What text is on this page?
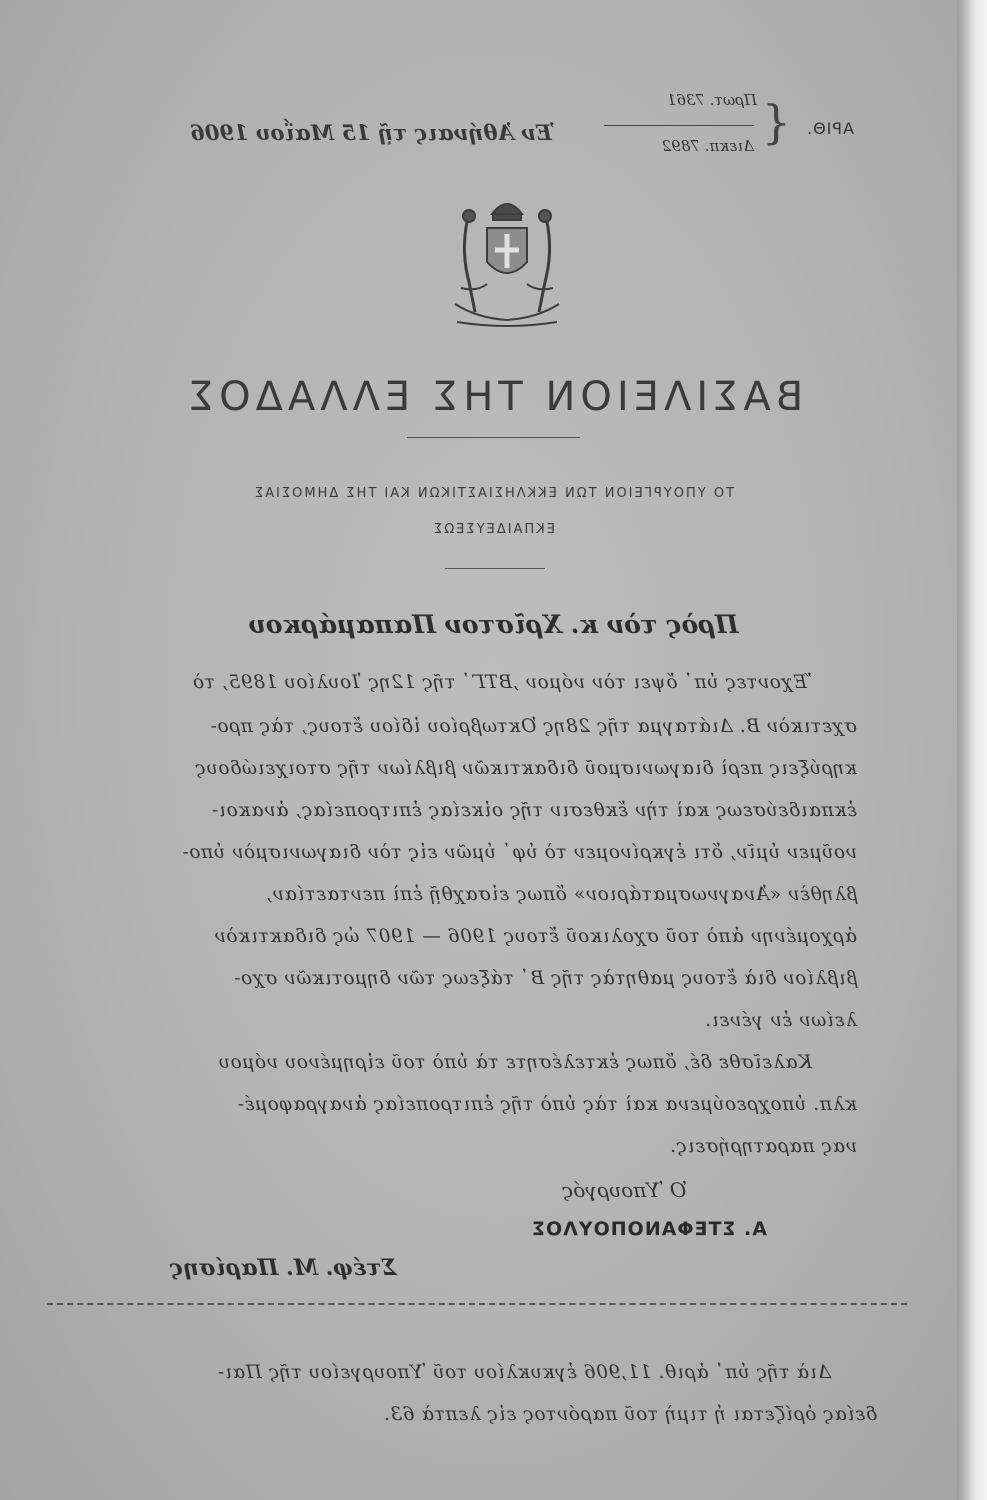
ΑΡΙΘ.
{
Πρωτ. 7361
Διεκπ. 7892
Ἐν Ἀθήναις τῇ 15 Μαΐου 1906
ΒΑΣΙΛΕΙΟΝ ΤΗΣ ΕΛΛΑΔΟΣ
ΤΟ ΥΠΟΥΡΓΕΙΟΝ ΤΩΝ ΕΚΚΛΗΣΙΑΣΤΙΚΩΝ ΚΑΙ ΤΗΣ ΔΗΜΟΣΙΑΣ
ΕΚΠΑΙΔΕΥΣΕΩΣ
Πρὸς τὸν κ. Χρῖστον Παπαμάρκου
Ἔχοντες ὑπ᾿ ὄψει τὸν νόμον ,ΒΤΓ᾿ τῆς 12ης Ἰουλίου 1895, τὸ
σχετικὸν Β. Διάταγμα τῆς 28ης Ὀκτωβρίου ἰδίου ἔτους, τὰς προ-
κηρύξεις περὶ διαγωνισμοῦ διδακτικῶν βιβλίων τῆς στοιχειώδους
ἐκπαιδεύσεως καὶ τὴν ἔκθεσιν τῆς οἰκείας ἐπιτροπείας, ἀνακοι-
νοῦμεν ὑμῖν, ὅτι ἐγκρίνομεν τὸ ὑφ᾿ ὑμῶν εἰς τὸν διαγωνισμὸν ὑπο-
βληθὲν «Ἀναγνωσματάριον» ὅπως εἰσαχθῇ ἐπὶ πενταετίαν,
ἀρχομένην ἀπὸ τοῦ σχολικοῦ ἔτους 1906 — 1907 ὡς διδακτικὸν
βιβλίον διὰ ἔτους μαθητὰς τῆς Β᾿ τάξεως τῶν δημοτικῶν σχο-
λείων ἐν γένει.
Καλεῖσθε δέ, ὅπως ἐκτελέσητε τὰ ὑπὸ τοῦ εἰρημένου νόμου
κλπ. ὑποχρεούμενα καὶ τὰς ὑπὸ τῆς ἐπιτροπείας ἀναγραφομέ-
νας παρατηρήσεις.
Ὁ Ὑπουργός
Α. ΣΤΕΦΑΝΟΠΟΥΛΟΣ
Στέφ. Μ. Παρίσης
Διὰ τῆς ὑπ᾿ ἀριθ. 11,906 ἐγκυκλίου τοῦ Ὑπουργείου τῆς Παι-
δείας ὁρίζεται ἡ τιμὴ τοῦ παρόντος εἰς λεπτὰ 63.
